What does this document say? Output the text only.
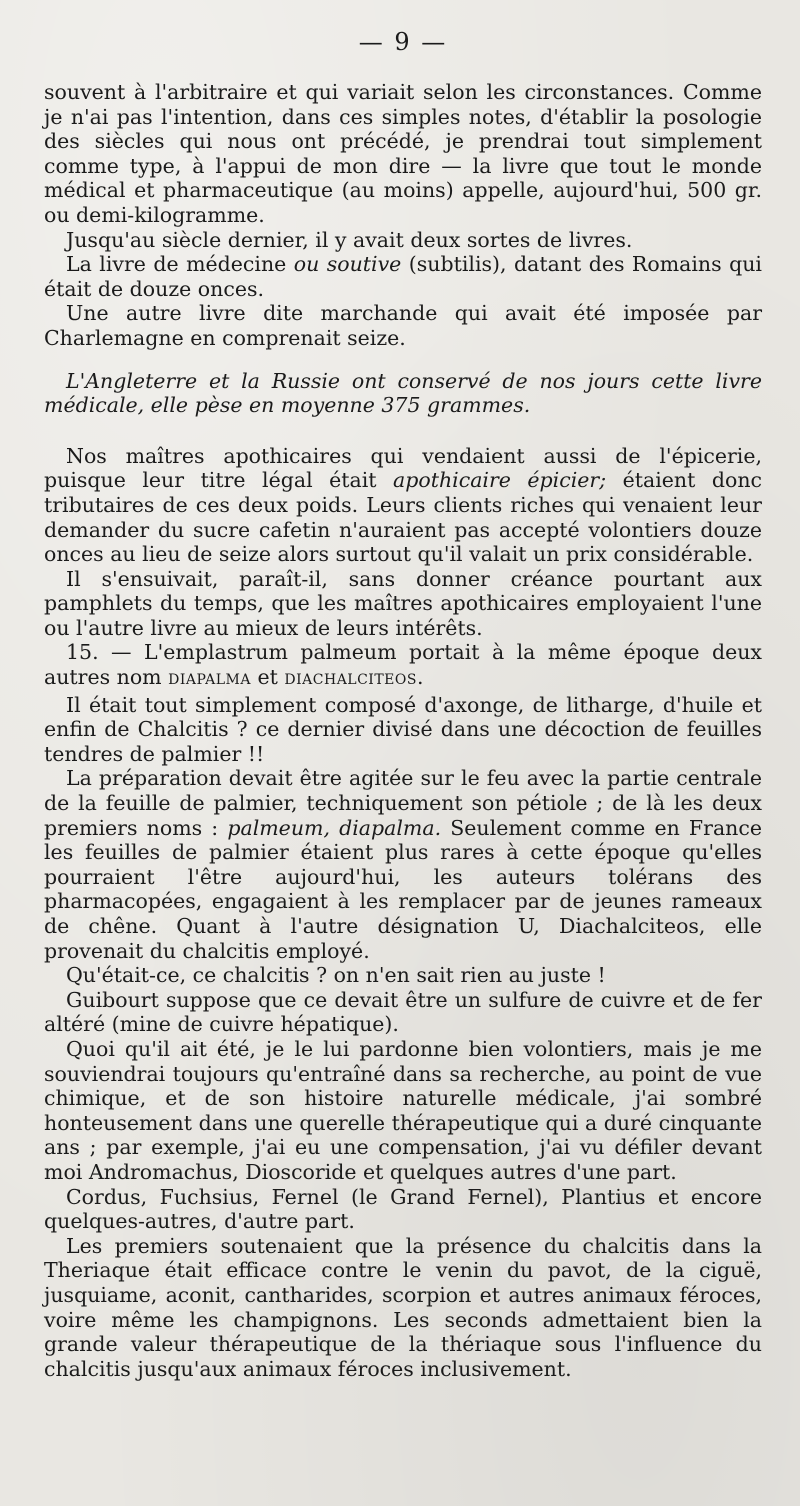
— 9 —

souvent à l'arbitraire et qui variait selon les circonstances. Comme je n'ai pas l'intention, dans ces simples notes, d'établir la posologie des siècles qui nous ont précédé, je prendrai tout simplement comme type, à l'appui de mon dire — la livre que tout le monde médical et pharmaceutique (au moins) appelle, aujourd'hui, 500 gr. ou demi-kilogramme.

Jusqu'au siècle dernier, il y avait deux sortes de livres.

La livre de médecine ou soutive (subtilis), datant des Romains qui était de douze onces.

Une autre livre dite marchande qui avait été imposée par Charlemagne en comprenait seize.

L'Angleterre et la Russie ont conservé de nos jours cette livre médicale, elle pèse en moyenne 375 grammes.

Nos maîtres apothicaires qui vendaient aussi de l'épicerie, puisque leur titre légal était apothicaire épicier; étaient donc tributaires de ces deux poids. Leurs clients riches qui venaient leur demander du sucre cafetin n'auraient pas accepté volontiers douze onces au lieu de seize alors surtout qu'il valait un prix considérable.

Il s'ensuivait, paraît-il, sans donner créance pourtant aux pamphlets du temps, que les maîtres apothicaires employaient l'une ou l'autre livre au mieux de leurs intérêts.

15. — L'emplastrum palmeum portait à la même époque deux autres nom DIAPALMA et DIACHALCITEOS.

Il était tout simplement composé d'axonge, de litharge, d'huile et enfin de Chalcitis ? ce dernier divisé dans une décoction de feuilles tendres de palmier !!

La préparation devait être agitée sur le feu avec la partie centrale de la feuille de palmier, techniquement son pétiole ; de là les deux premiers noms : palmeum, diapalma. Seulement comme en France les feuilles de palmier étaient plus rares à cette époque qu'elles pourraient l'être aujourd'hui, les auteurs tolérans des pharmacopées, engagaient à les remplacer par de jeunes rameaux de chêne. Quant à l'autre désignation U, Diachalciteos, elle provenait du chalcitis employé.

Qu'était-ce, ce chalcitis ? on n'en sait rien au juste !

Guibourt suppose que ce devait être un sulfure de cuivre et de fer altéré (mine de cuivre hépatique).

Quoi qu'il ait été, je le lui pardonne bien volontiers, mais je me souviendrai toujours qu'entraîné dans sa recherche, au point de vue chimique, et de son histoire naturelle médicale, j'ai sombré honteusement dans une querelle thérapeutique qui a duré cinquante ans ; par exemple, j'ai eu une compensation, j'ai vu défiler devant moi Andromachus, Dioscoride et quelques autres d'une part.

Cordus, Fuchsius, Fernel (le Grand Fernel), Plantius et encore quelques-autres, d'autre part.

Les premiers soutenaient que la présence du chalcitis dans la Theriaque était efficace contre le venin du pavot, de la ciguë, jusquiame, aconit, cantharides, scorpion et autres animaux féroces, voire même les champignons. Les seconds admettaient bien la grande valeur thérapeutique de la thériaque sous l'influence du chalcitis jusqu'aux animaux féroces inclusivement.
